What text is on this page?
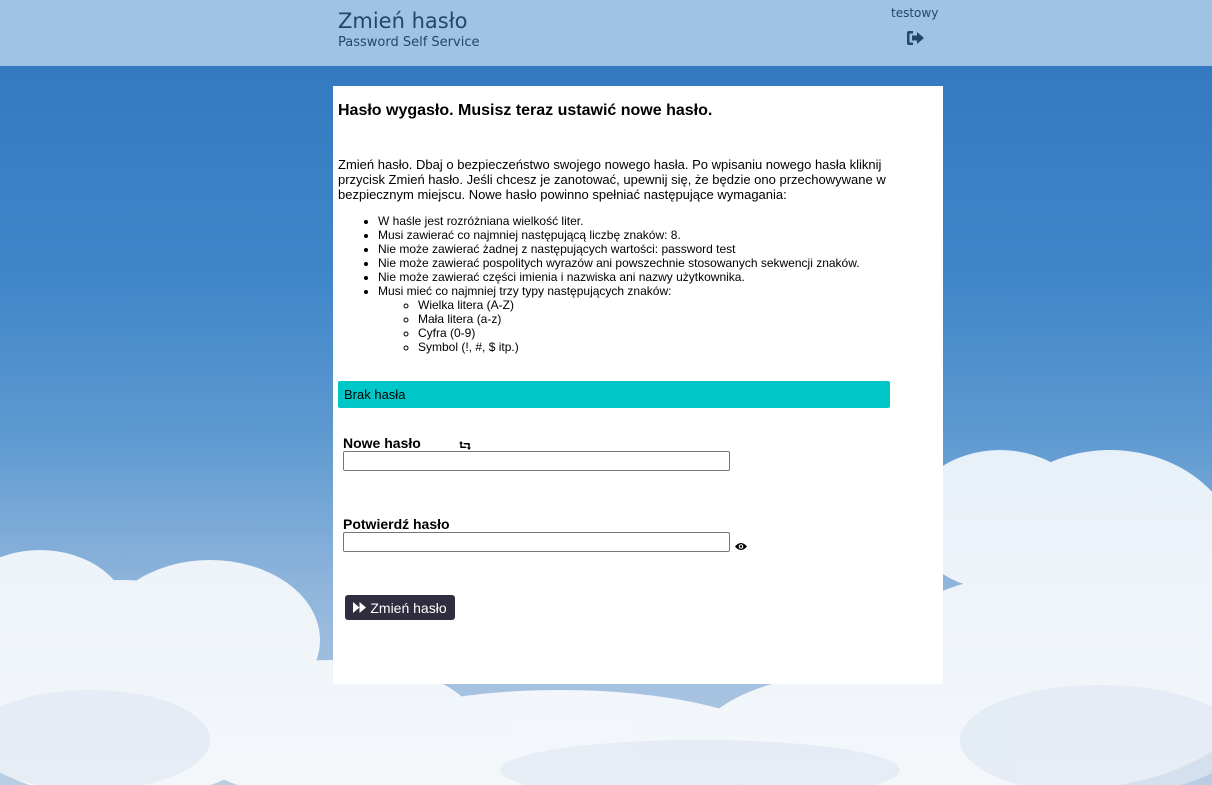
Zmień hasło
Password Self Service
testowy
Hasło wygasło. Musisz teraz ustawić nowe hasło.

Zmień hasło. Dbaj o bezpieczeństwo swojego nowego hasła. Po wpisaniu nowego hasła kliknij przycisk Zmień hasło. Jeśli chcesz je zanotować, upewnij się, że będzie ono przechowywane w bezpiecznym miejscu. Nowe hasło powinno spełniać następujące wymagania:

• W haśle jest rozróżniana wielkość liter.
• Musi zawierać co najmniej następującą liczbę znaków: 8.
• Nie może zawierać żadnej z następujących wartości: password test
• Nie może zawierać pospolitych wyrazów ani powszechnie stosowanych sekwencji znaków.
• Nie może zawierać części imienia i nazwiska ani nazwy użytkownika.
• Musi mieć co najmniej trzy typy następujących znaków:
◦ Wielka litera (A-Z)
◦ Mała litera (a-z)
◦ Cyfra (0-9)
◦ Symbol (!, #, $ itp.)
Brak hasła
Nowe hasło
Potwierdź hasło
Zmień hasło
